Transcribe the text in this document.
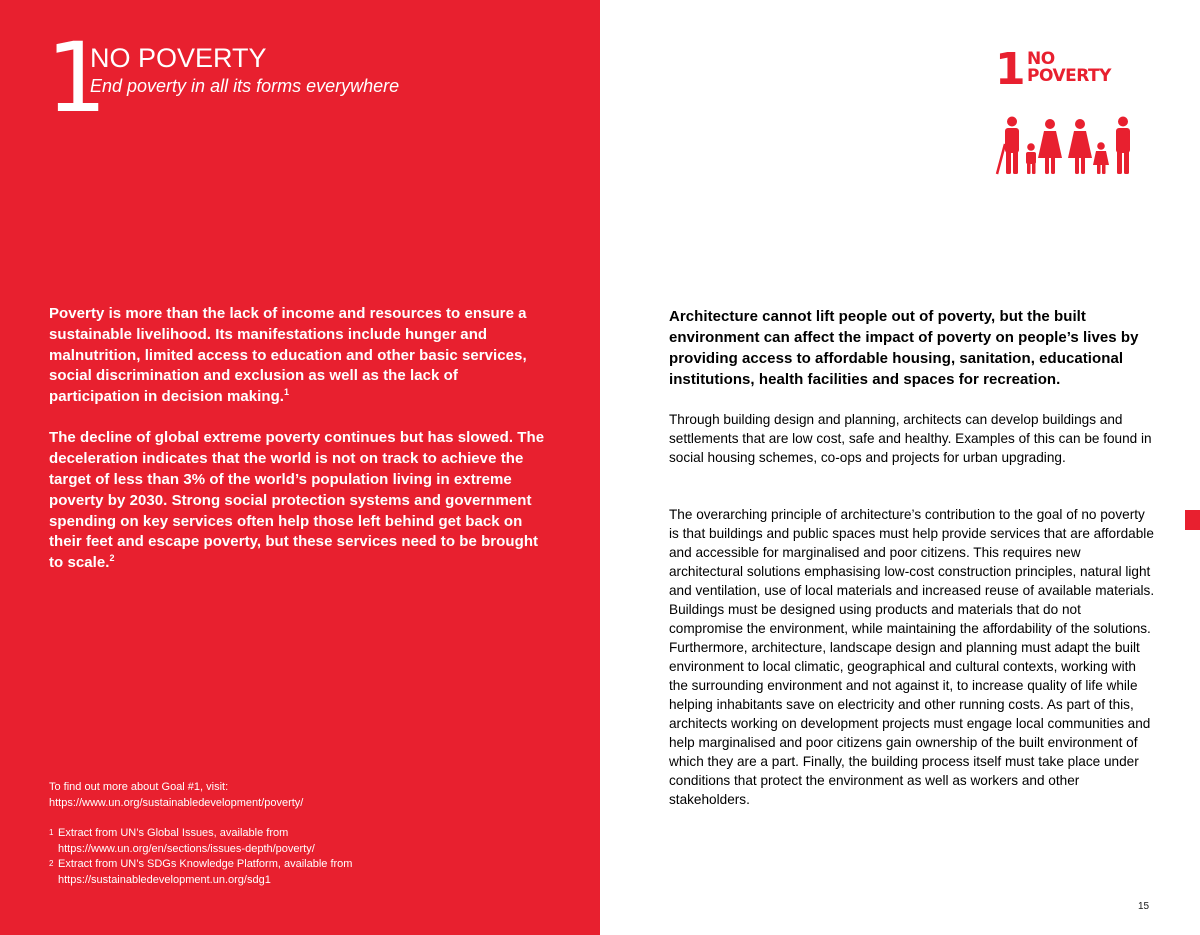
1
NO POVERTY
End poverty in all its forms everywhere

Poverty is more than the lack of income and resources to ensure a sustainable livelihood. Its manifestations include hunger and malnutrition, limited access to education and other basic services, social discrimination and exclusion as well as the lack of participation in decision making.$^1$

The decline of global extreme poverty continues but has slowed. The deceleration indicates that the world is not on track to achieve the target of less than 3% of the world’s population living in extreme poverty by 2030. Strong social protection systems and government spending on key services often help those left behind get back on their feet and escape poverty, but these services need to be brought to scale.$^2$

To find out more about Goal #1, visit:
https://www.un.org/sustainabledevelopment/poverty/
1 Extract from UN’s Global Issues, available from
https://www.un.org/en/sections/issues-depth/poverty/
2 Extract from UN’s SDGs Knowledge Platform, available from
https://sustainabledevelopment.un.org/sdg1
1 NO
POVERTY
Architecture cannot lift people out of poverty, but the built environment can affect the impact of poverty on people’s lives by providing access to affordable housing, sanitation, educational institutions, health facilities and spaces for recreation.
Through building design and planning, architects can develop buildings and settlements that are low cost, safe and healthy. Examples of this can be found in social housing schemes, co-ops and projects for urban upgrading.
The overarching principle of architecture’s contribution to the goal of no poverty is that buildings and public spaces must help provide services that are affordable and accessible for marginalised and poor citizens. This requires new architectural solutions emphasising low-cost construction principles, natural light and ventilation, use of local materials and increased reuse of available materials. Buildings must be designed using products and materials that do not compromise the environment, while maintaining the affordability of the solutions. Furthermore, architecture, landscape design and planning must adapt the built environment to local climatic, geographical and cultural contexts, working with the surrounding environment and not against it, to increase quality of life while helping inhabitants save on electricity and other running costs. As part of this, architects working on development projects must engage local communities and help marginalised and poor citizens gain ownership of the built environment of which they are a part. Finally, the building process itself must take place under conditions that protect the environment as well as workers and other stakeholders.
15
